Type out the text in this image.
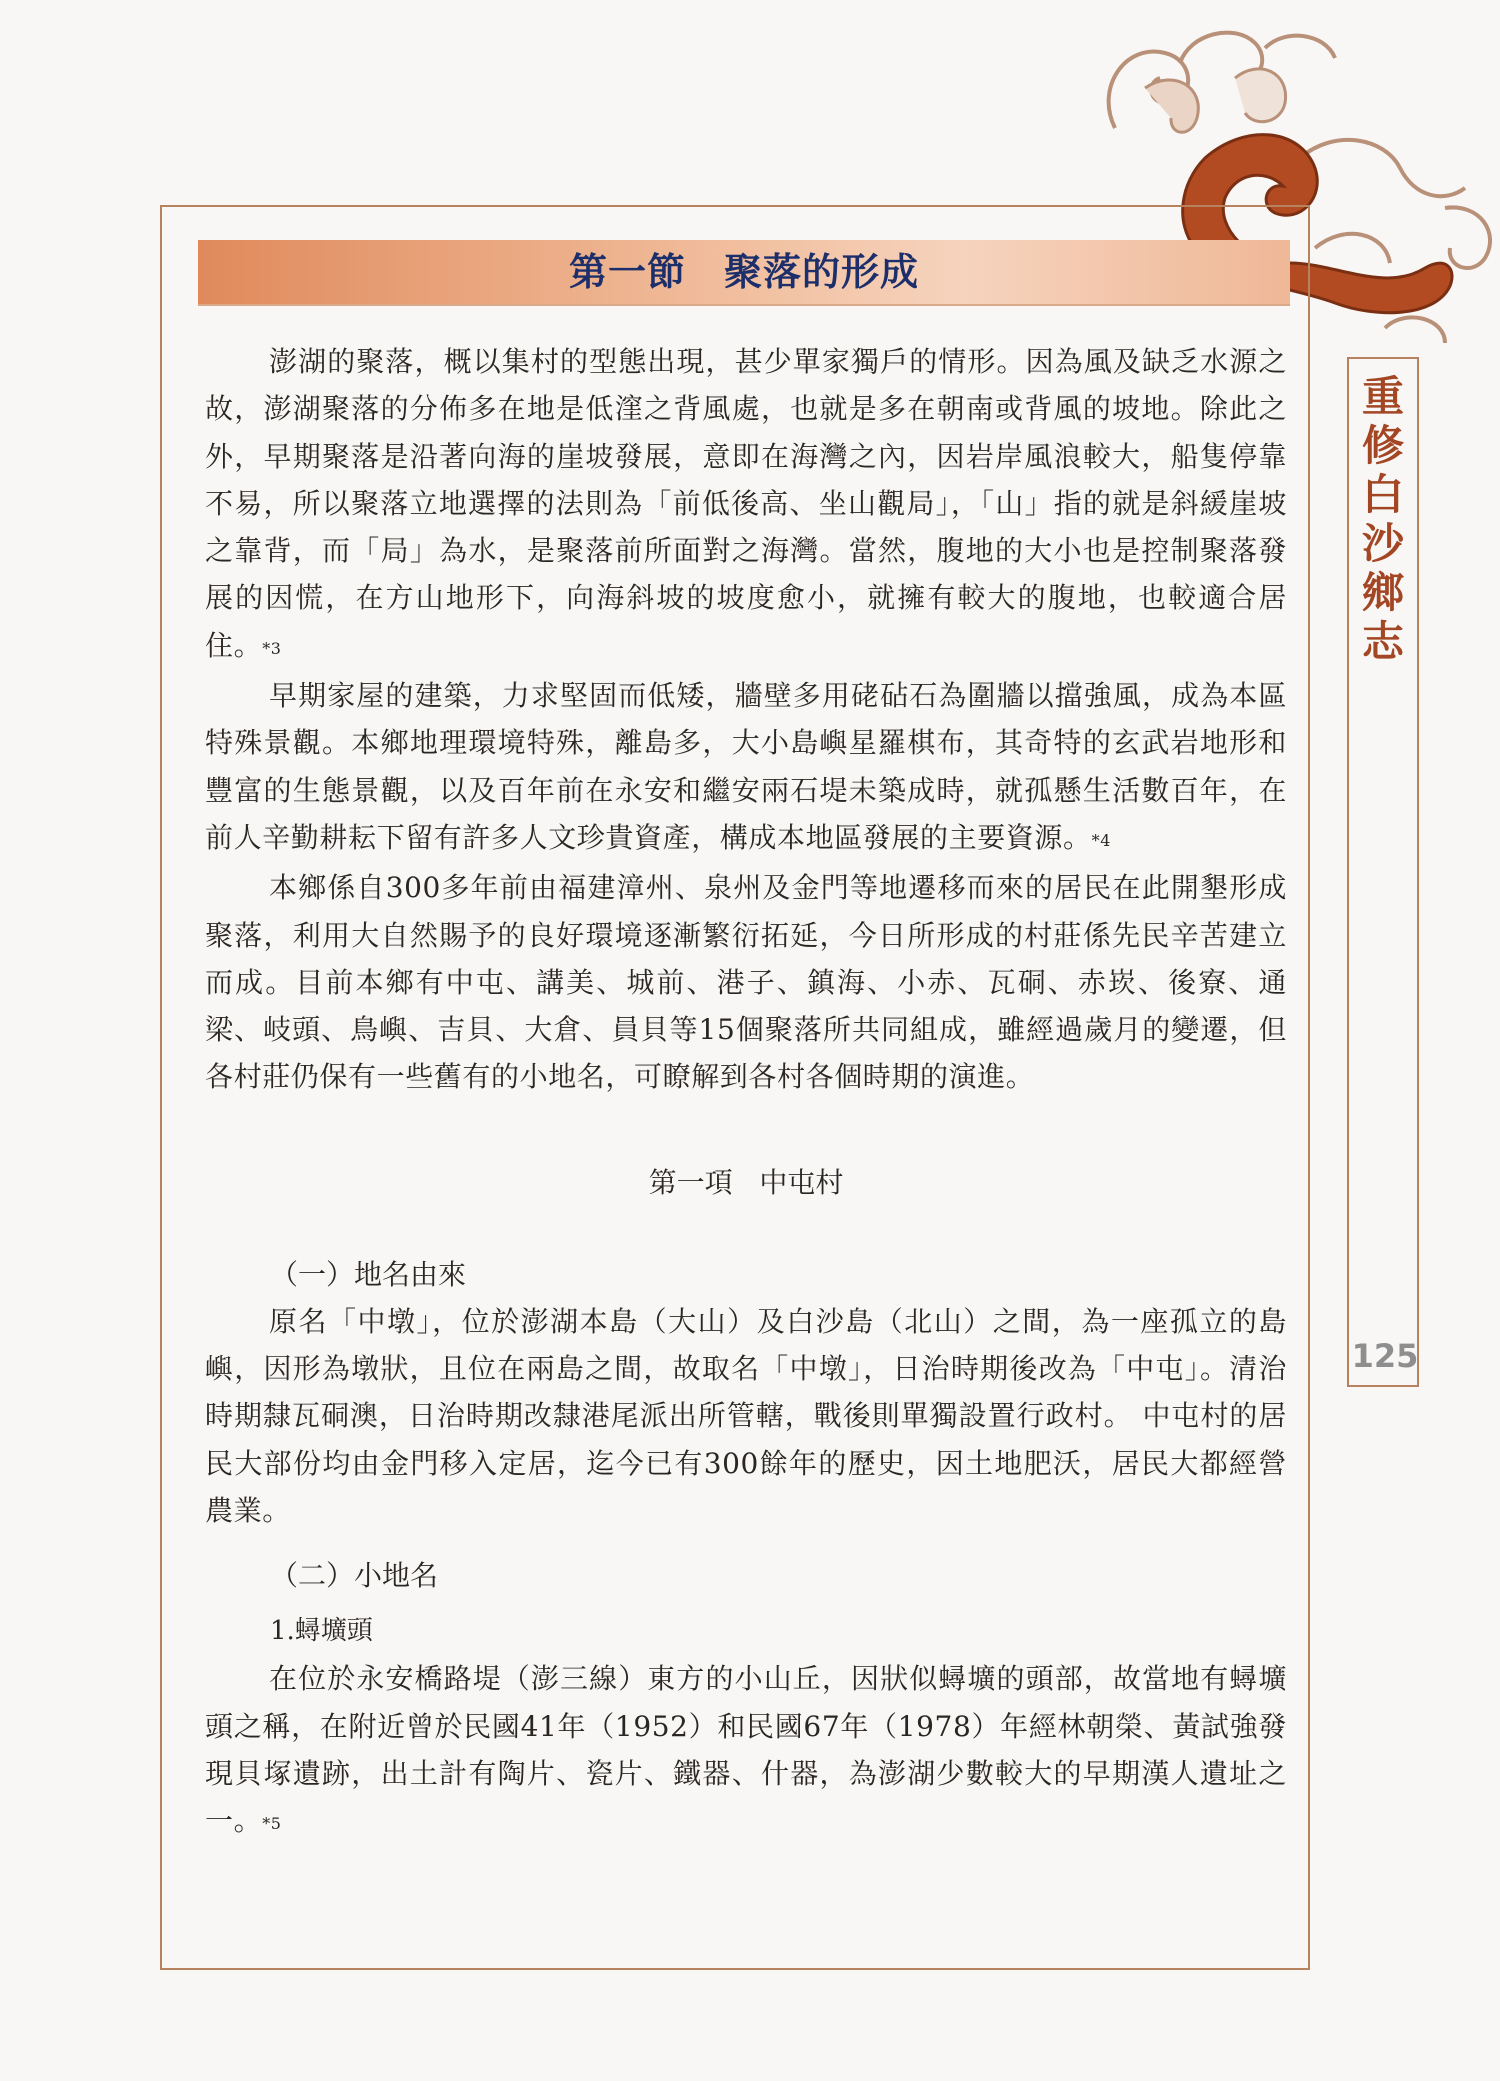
第一節 聚落的形成
重修白沙鄉志
125

澎湖的聚落，概以集村的型態出現，甚少單家獨戶的情形。因為風及缺乏水源之故，澎湖聚落的分佈多在地是低漥之背風處，也就是多在朝南或背風的坡地。除此之外，早期聚落是沿著向海的崖坡發展，意即在海灣之內，因岩岸風浪較大，船隻停靠不易，所以聚落立地選擇的法則為「前低後高、坐山觀局」，「山」指的就是斜緩崖坡之靠背，而「局」為水，是聚落前所面對之海灣。當然，腹地的大小也是控制聚落發展的因慌，在方山地形下，向海斜坡的坡度愈小，就擁有較大的腹地，也較適合居住。*3

早期家屋的建築，力求堅固而低矮，牆壁多用硓砧石為圍牆以擋強風，成為本區特殊景觀。本鄉地理環境特殊，離島多，大小島嶼星羅棋布，其奇特的玄武岩地形和豐富的生態景觀，以及百年前在永安和繼安兩石堤未築成時，就孤懸生活數百年，在前人辛勤耕耘下留有許多人文珍貴資產，構成本地區發展的主要資源。*4

本鄉係自300多年前由福建漳州、泉州及金門等地遷移而來的居民在此開墾形成聚落，利用大自然賜予的良好環境逐漸繁衍拓延，今日所形成的村莊係先民辛苦建立而成。目前本鄉有中屯、講美、城前、港子、鎮海、小赤、瓦硐、赤崁、後寮、通梁、岐頭、鳥嶼、吉貝、大倉、員貝等15個聚落所共同組成，雖經過歲月的變遷，但各村莊仍保有一些舊有的小地名，可瞭解到各村各個時期的演進。

第一項 中屯村
（一）地名由來

原名「中墩」，位於澎湖本島（大山）及白沙島（北山）之間，為一座孤立的島嶼，因形為墩狀，且位在兩島之間，故取名「中墩」，日治時期後改為「中屯」。清治時期隸瓦硐澳，日治時期改隸港尾派出所管轄，戰後則單獨設置行政村。 中屯村的居民大部份均由金門移入定居，迄今已有300餘年的歷史，因土地肥沃，居民大都經營農業。

（二）小地名
1.蟳壙頭

在位於永安橋路堤（澎三線）東方的小山丘，因狀似蟳壙的頭部，故當地有蟳壙頭之稱，在附近曾於民國41年（1952）和民國67年（1978）年經林朝榮、黃試強發現貝塚遺跡，出土計有陶片、瓷片、鐵器、什器，為澎湖少數較大的早期漢人遺址之一。*5
